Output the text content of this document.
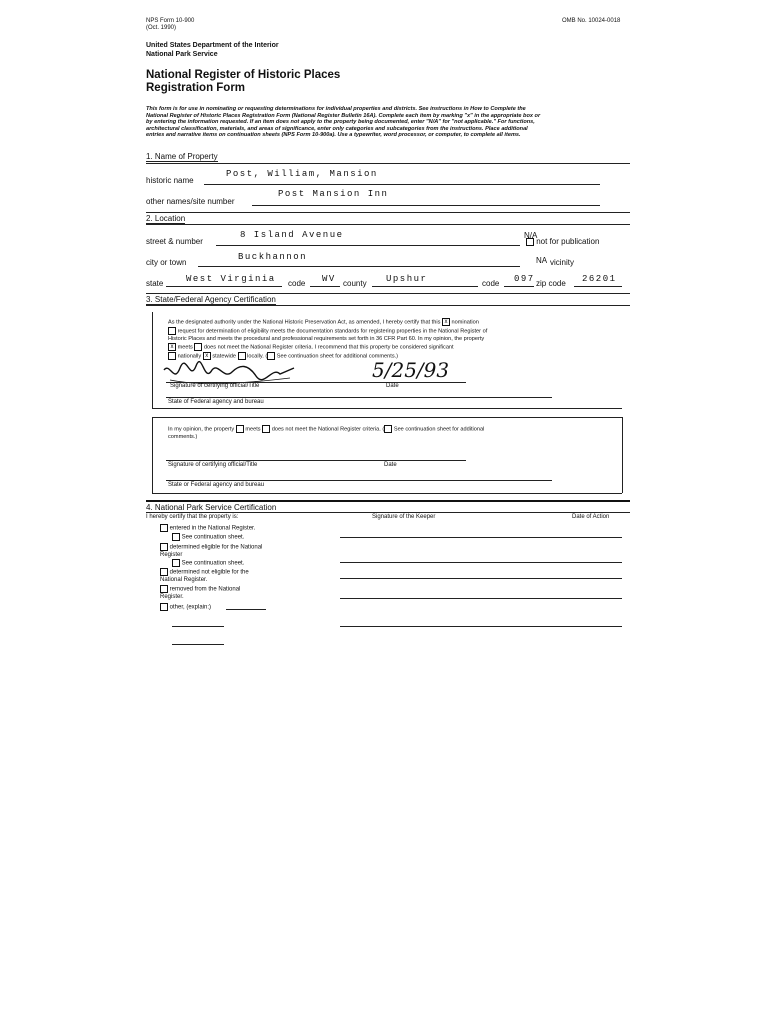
NPS Form 10-900
(Oct. 1990)
OMB No. 10024-0018
United States Department of the Interior
National Park Service
National Register of Historic Places
Registration Form
This form is for use in nominating or requesting determinations for individual properties and districts. See instructions in How to Complete the
National Register of Historic Places Registration Form (National Register Bulletin 16A). Complete each item by marking "x" in the appropriate box or
by entering the information requested. If an item does not apply to the property being documented, enter "N/A" for "not applicable." For functions,
architectural classification, materials, and areas of significance, enter only categories and subcategories from the instructions. Place additional
entries and narrative items on continuation sheets (NPS Form 10-900a). Use a typewriter, word processor, or computer, to complete all items.
1. Name of Property
Post, William, Mansion
historic name
Post Mansion Inn
other names/site number
2. Location
8 Island Avenue
street & number
N/A
not for publication
Buckhannon
city or town	NA vicinity
state	West Virginia code WV county Upshur	code 097 zip code 26201
3. State/Federal Agency Certification
As the designated authority under the National Historic Preservation Act, as amended, I hereby certify that this x nomination
request for determination of eligibility meets the documentation standards for registering properties in the National Register of
Historic Places and meets the procedural and professional requirements set forth in 36 CFR Part 60. In my opinion, the property
x meets does not meet the National Register criteria. I recommend that this property be considered significant
nationally x statewide locally. ( See continuation sheet for additional comments.)
5/25/93
Signature of certifying official/Title	Date
State of Federal agency and bureau
In my opinion, the property meets does not meet the National Register criteria. ( See continuation sheet for additional
comments.)
Signature of certifying official/Title	Date
State or Federal agency and bureau
4. National Park Service Certification
I hereby certify that the property is:	Signature of the Keeper	Date of Action
entered in the National Register.
See continuation sheet.
determined eligible for the National Register
See continuation sheet.
determined not eligible for the National Register.
removed from the National Register.
other, (explain:)
